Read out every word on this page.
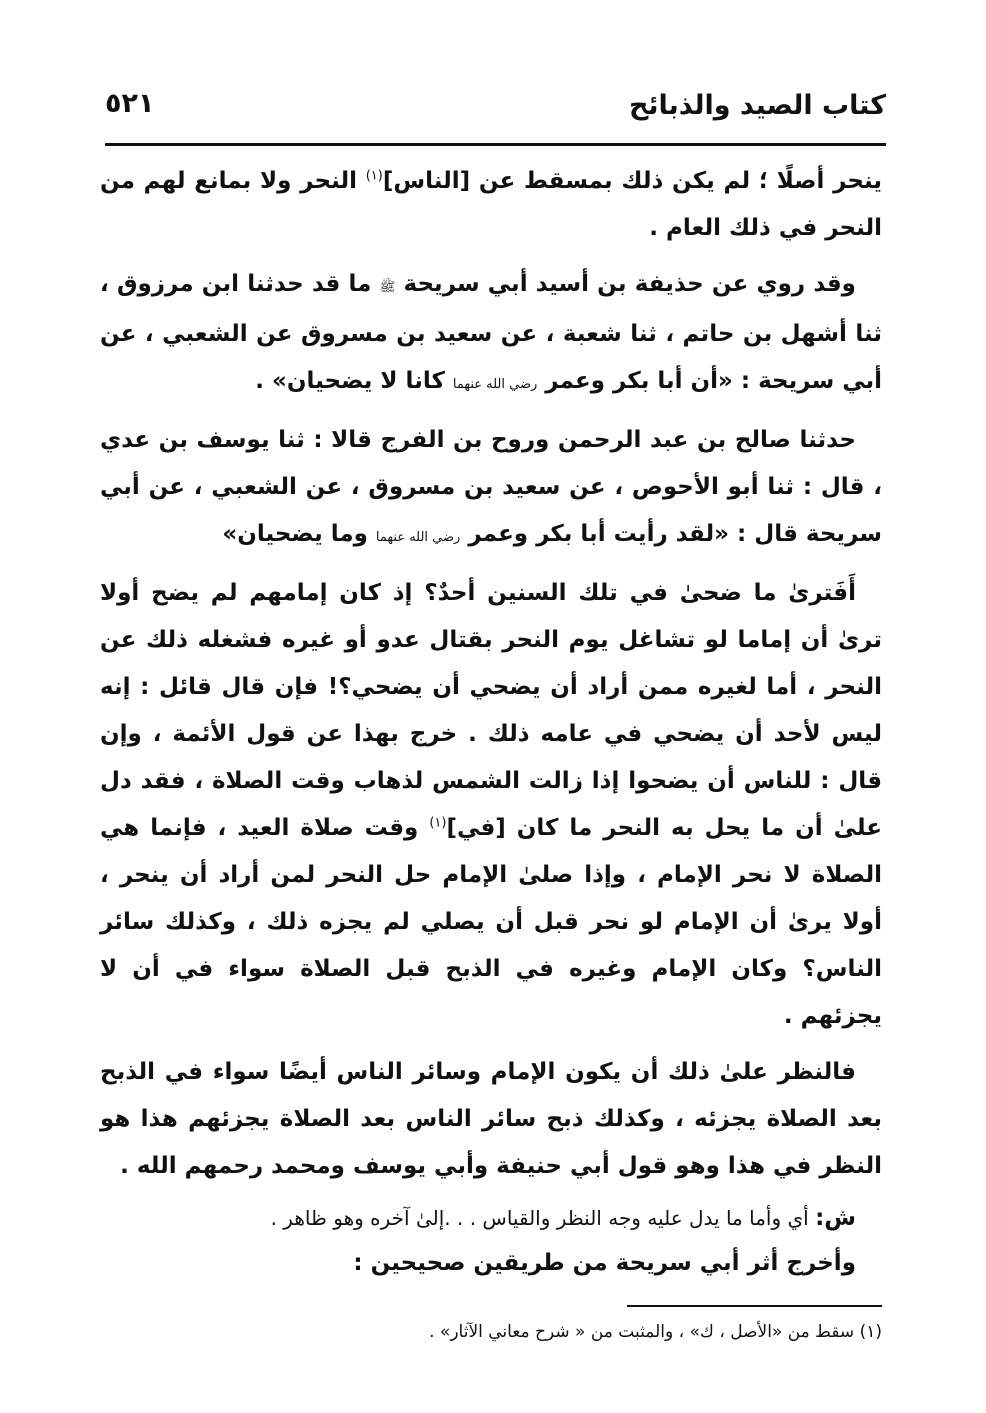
كتاب الصيد والذبائح
٥٢١

ينحر أصلًا ؛ لم يكن ذلك بمسقط عن [الناس]$^{(١)}$ النحر ولا بمانع لهم من النحر في ذلك العام .

وقد روي عن حذيفة بن أسيد أبي سريحة ﷺ ما قد حدثنا ابن مرزوق ، ثنا أشهل بن حاتم ، ثنا شعبة ، عن سعيد بن مسروق عن الشعبي ، عن أبي سريحة : «أن أبا بكر وعمر رضي الله عنهما كانا لا يضحيان» .

حدثنا صالح بن عبد الرحمن وروح بن الفرج قالا : ثنا يوسف بن عدي ، قال : ثنا أبو الأحوص ، عن سعيد بن مسروق ، عن الشعبي ، عن أبي سريحة قال : «لقد رأيت أبا بكر وعمر رضي الله عنهما وما يضحيان»

أَفَترىٰ ما ضحىٰ في تلك السنين أحدٌ؟ إذ كان إمامهم لم يضح أولا ترىٰ أن إماما لو تشاغل يوم النحر بقتال عدو أو غيره فشغله ذلك عن النحر ، أما لغيره ممن أراد أن يضحي أن يضحي؟! فإن قال قائل : إنه ليس لأحد أن يضحي في عامه ذلك . خرج بهذا عن قول الأئمة ، وإن قال : للناس أن يضحوا إذا زالت الشمس لذهاب وقت الصلاة ، فقد دل علىٰ أن ما يحل به النحر ما كان [في]$^{(١)}$ وقت صلاة العيد ، فإنما هي الصلاة لا نحر الإمام ، وإذا صلىٰ الإمام حل النحر لمن أراد أن ينحر ، أولا يرىٰ أن الإمام لو نحر قبل أن يصلي لم يجزه ذلك ، وكذلك سائر الناس؟ وكان الإمام وغيره في الذبح قبل الصلاة سواء في أن لا يجزئهم .

فالنظر علىٰ ذلك أن يكون الإمام وسائر الناس أيضًا سواء في الذبح بعد الصلاة يجزئه ، وكذلك ذبح سائر الناس بعد الصلاة يجزئهم هذا هو النظر في هذا وهو قول أبي حنيفة وأبي يوسف ومحمد رحمهم الله .

ش: أي وأما ما يدل عليه وجه النظر والقياس . . .إلىٰ آخره وهو ظاهر .

وأخرج أثر أبي سريحة من طريقين صحيحين :

(١) سقط من «الأصل ، ك» ، والمثبت من « شرح معاني الآثار» .
